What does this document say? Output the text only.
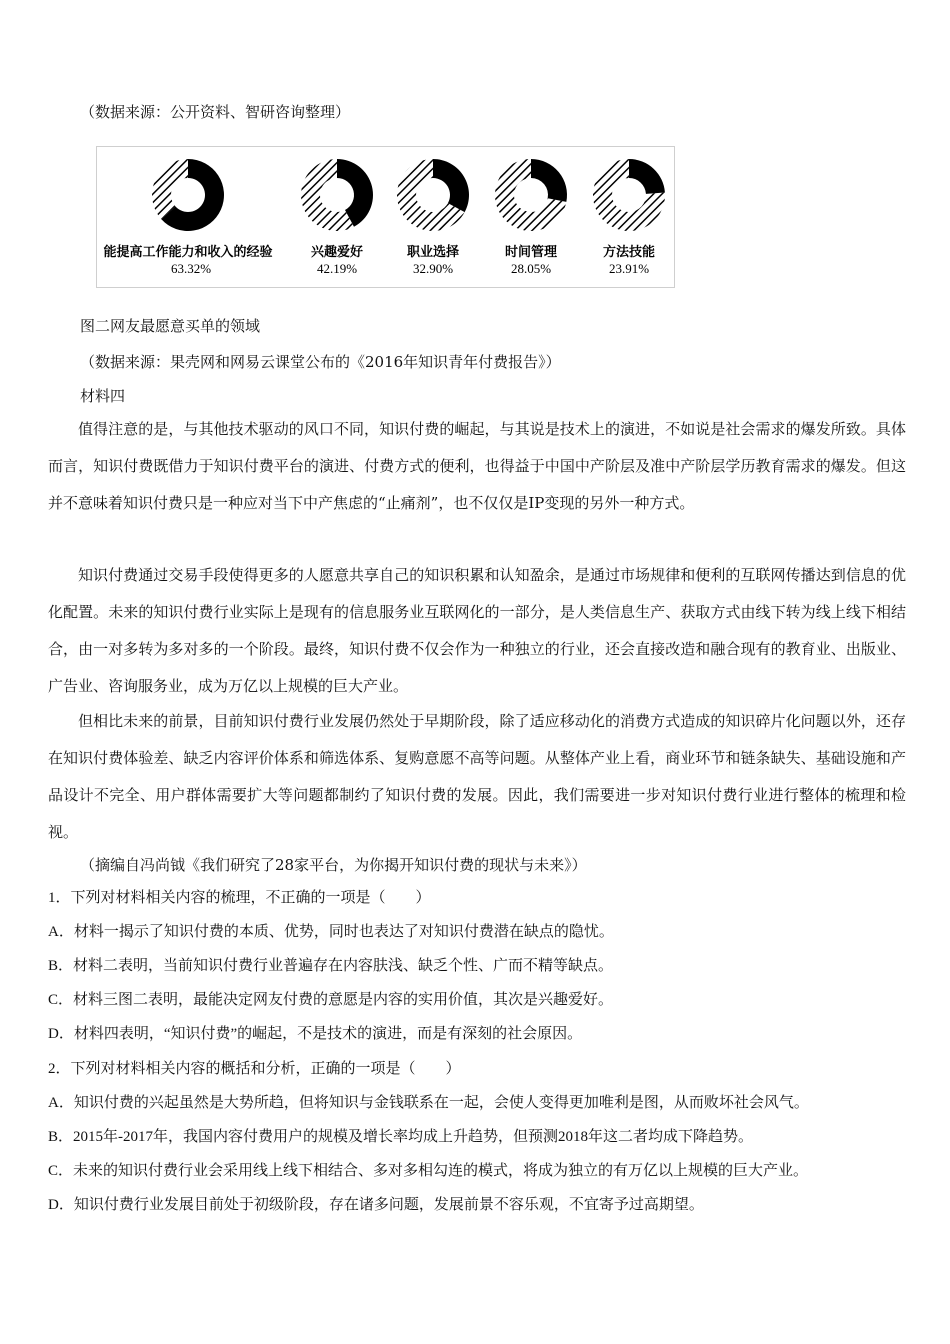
（数据来源：公开资料、智研咨询整理）
能提高工作能力和收入的经验
63.32%
兴趣爱好
42.19%
职业选择
32.90%
时间管理
28.05%
方法技能
23.91%
图二网友最愿意买单的领域
（数据来源：果壳网和网易云课堂公布的《2016年知识青年付费报告》）
材料四
值得注意的是，与其他技术驱动的风口不同，知识付费的崛起，与其说是技术上的演进，不如说是社会需求的爆发所致。具体而言，知识付费既借力于知识付费平台的演进、付费方式的便利，也得益于中国中产阶层及准中产阶层学历教育需求的爆发。但这并不意味着知识付费只是一种应对当下中产焦虑的“止痛剂”，也不仅仅是IP变现的另外一种方式。
知识付费通过交易手段使得更多的人愿意共享自己的知识积累和认知盈余，是通过市场规律和便利的互联网传播达到信息的优化配置。未来的知识付费行业实际上是现有的信息服务业互联网化的一部分，是人类信息生产、获取方式由线下转为线上线下相结合，由一对多转为多对多的一个阶段。最终，知识付费不仅会作为一种独立的行业，还会直接改造和融合现有的教育业、出版业、广告业、咨询服务业，成为万亿以上规模的巨大产业。
但相比未来的前景，目前知识付费行业发展仍然处于早期阶段，除了适应移动化的消费方式造成的知识碎片化问题以外，还存在知识付费体验差、缺乏内容评价体系和筛选体系、复购意愿不高等问题。从整体产业上看，商业环节和链条缺失、基础设施和产品设计不完全、用户群体需要扩大等问题都制约了知识付费的发展。因此，我们需要进一步对知识付费行业进行整体的梳理和检视。
（摘编自冯尚钺《我们研究了28家平台，为你揭开知识付费的现状与未来》）
1．下列对材料相关内容的梳理，不正确的一项是（　　）
A．材料一揭示了知识付费的本质、优势，同时也表达了对知识付费潜在缺点的隐忧。
B．材料二表明，当前知识付费行业普遍存在内容肤浅、缺乏个性、广而不精等缺点。
C．材料三图二表明，最能决定网友付费的意愿是内容的实用价值，其次是兴趣爱好。
D．材料四表明，“知识付费”的崛起，不是技术的演进，而是有深刻的社会原因。
2．下列对材料相关内容的概括和分析，正确的一项是（　　）
A．知识付费的兴起虽然是大势所趋，但将知识与金钱联系在一起，会使人变得更加唯利是图，从而败坏社会风气。
B．2015年-2017年，我国内容付费用户的规模及增长率均成上升趋势，但预测2018年这二者均成下降趋势。
C．未来的知识付费行业会采用线上线下相结合、多对多相勾连的模式，将成为独立的有万亿以上规模的巨大产业。
D．知识付费行业发展目前处于初级阶段，存在诸多问题，发展前景不容乐观，不宜寄予过高期望。
